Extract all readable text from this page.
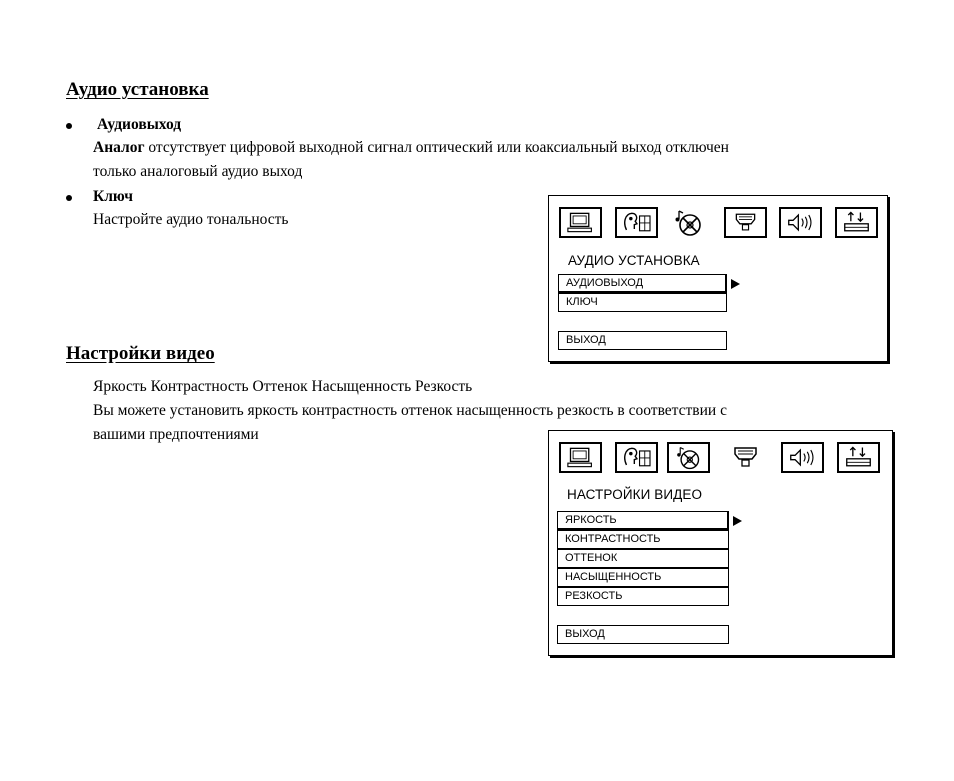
Аудио установка
Аудиовыход
Аналог отсутствует цифровой выходной сигнал оптический или коаксиальный выход отключен
только аналоговый аудио выход
Ключ
Настройте аудио тональность
АУДИО УСТАНОВКА
АУДИОВЫХОД
КЛЮЧ
ВЫХОД
Настройки видео
Яркость Контрастность Оттенок Насыщенность Резкость
Вы можете установить яркость контрастность оттенок насыщенность резкость в соответствии с
вашими предпочтениями
НАСТРОЙКИ ВИДЕО
ЯРКОСТЬ
КОНТРАСТНОСТЬ
ОТТЕНОК
НАСЫЩЕННОСТЬ
РЕЗКОСТЬ
ВЫХОД
